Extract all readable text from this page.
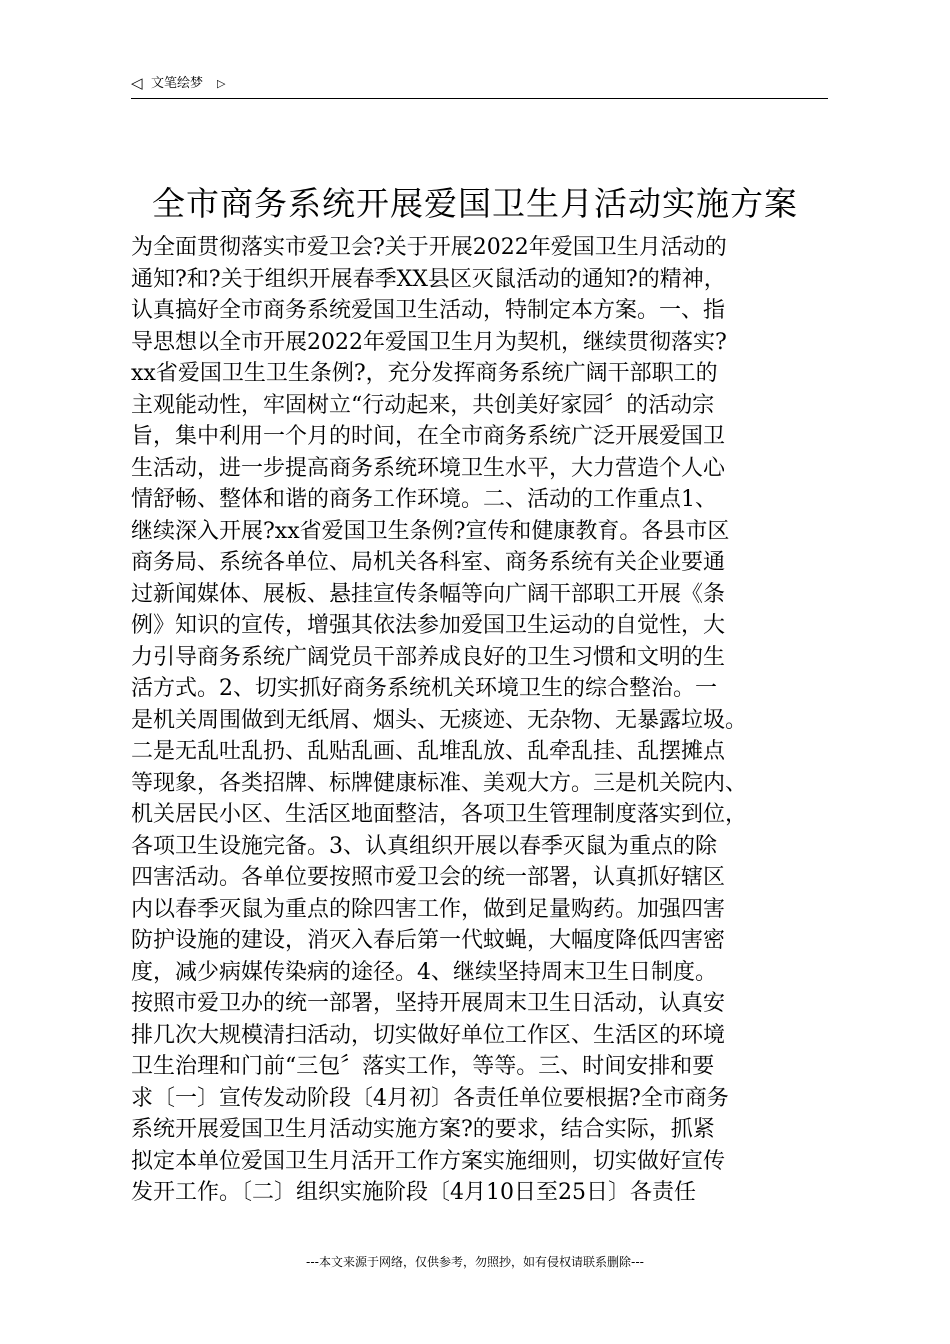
◁ 文笔绘梦 ▷
全市商务系统开展爱国卫生月活动实施方案
为全面贯彻落实市爱卫会?关于开展2022年爱国卫生月活动的
通知?和?关于组织开展春季XX县区灭鼠活动的通知?的精神，
认真搞好全市商务系统爱国卫生活动，特制定本方案。一、指
导思想以全市开展2022年爱国卫生月为契机，继续贯彻落实?
xx省爱国卫生卫生条例?，充分发挥商务系统广阔干部职工的
主观能动性，牢固树立“行动起来，共创美好家园〞的活动宗
旨，集中利用一个月的时间，在全市商务系统广泛开展爱国卫
生活动，进一步提高商务系统环境卫生水平，大力营造个人心
情舒畅、整体和谐的商务工作环境。二、活动的工作重点1、
继续深入开展?xx省爱国卫生条例?宣传和健康教育。各县市区
商务局、系统各单位、局机关各科室、商务系统有关企业要通
过新闻媒体、展板、悬挂宣传条幅等向广阔干部职工开展《条
例》知识的宣传，增强其依法参加爱国卫生运动的自觉性，大
力引导商务系统广阔党员干部养成良好的卫生习惯和文明的生
活方式。2、切实抓好商务系统机关环境卫生的综合整治。一
是机关周围做到无纸屑、烟头、无痰迹、无杂物、无暴露垃圾。
二是无乱吐乱扔、乱贴乱画、乱堆乱放、乱牵乱挂、乱摆摊点
等现象，各类招牌、标牌健康标准、美观大方。三是机关院内、
机关居民小区、生活区地面整洁，各项卫生管理制度落实到位，
各项卫生设施完备。3、认真组织开展以春季灭鼠为重点的除
四害活动。各单位要按照市爱卫会的统一部署，认真抓好辖区
内以春季灭鼠为重点的除四害工作，做到足量购药。加强四害
防护设施的建设，消灭入春后第一代蚊蝇，大幅度降低四害密
度，减少病媒传染病的途径。4、继续坚持周末卫生日制度。
按照市爱卫办的统一部署，坚持开展周末卫生日活动，认真安
排几次大规模清扫活动，切实做好单位工作区、生活区的环境
卫生治理和门前“三包〞落实工作，等等。三、时间安排和要
求〔一〕宣传发动阶段〔4月初〕各责任单位要根据?全市商务
系统开展爱国卫生月活动实施方案?的要求，结合实际，抓紧
拟定本单位爱国卫生月活开工作方案实施细则，切实做好宣传
发开工作。〔二〕组织实施阶段〔4月10日至25日〕各责任
---本文来源于网络，仅供参考，勿照抄，如有侵权请联系删除---
